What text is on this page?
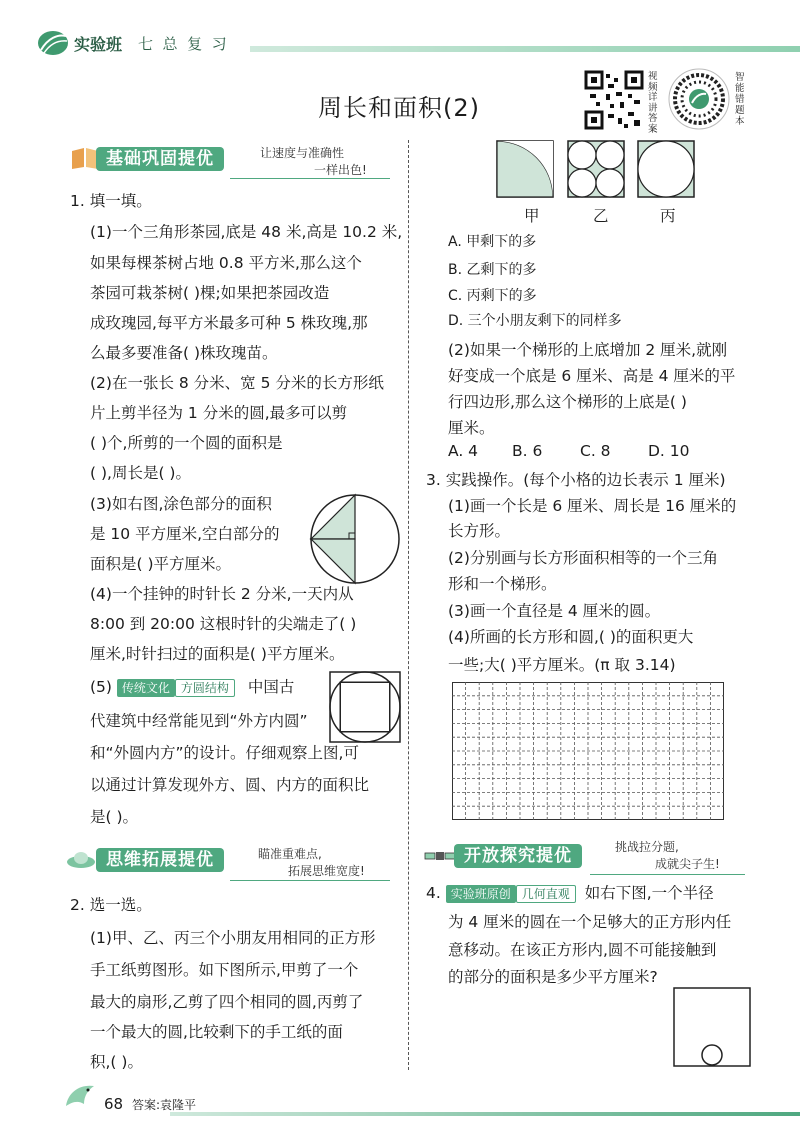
实验班 七  总  复  习
周长和面积(2)
视频详讲答案
智能错题本
基础巩固提优	让速度与准确性
一样出色!
1. 填一填。
(1)一个三角形茶园,底是 48 米,高是 10.2 米,
如果每棵茶树占地 0.8 平方米,那么这个
茶园可栽茶树( )棵;如果把茶园改造
成玫瑰园,每平方米最多可种 5 株玫瑰,那
么最多要准备( )株玫瑰苗。
(2)在一张长 8 分米、宽 5 分米的长方形纸
片上剪半径为 1 分米的圆,最多可以剪
( )个,所剪的一个圆的面积是
( ),周长是( )。
(3)如右图,涂色部分的面积
是 10 平方厘米,空白部分的
面积是( )平方厘米。
(4)一个挂钟的时针长 2 分米,一天内从
8:00 到 20:00 这根时针的尖端走了( )
厘米,时针扫过的面积是( )平方厘米。
(5) 传统文化 方圆结构 中国古
代建筑中经常能见到“外方内圆”
和“外圆内方”的设计。仔细观察上图,可
以通过计算发现外方、圆、内方的面积比
是( )。
思维拓展提优	瞄准重难点,
拓展思维宽度!
2. 选一选。
(1)甲、乙、丙三个小朋友用相同的正方形
手工纸剪图形。如下图所示,甲剪了一个
最大的扇形,乙剪了四个相同的圆,丙剪了
一个最大的圆,比较剩下的手工纸的面
积,( )。
68 答案:袁隆平
甲	乙	丙
A. 甲剩下的多
B. 乙剩下的多
C. 丙剩下的多
D. 三个小朋友剩下的同样多
(2)如果一个梯形的上底增加 2 厘米,就刚
好变成一个底是 6 厘米、高是 4 厘米的平
行四边形,那么这个梯形的上底是( )
厘米。
A. 4 B. 6 C. 8 D. 10
3. 实践操作。(每个小格的边长表示 1 厘米)
(1)画一个长是 6 厘米、周长是 16 厘米的
长方形。
(2)分别画与长方形面积相等的一个三角
形和一个梯形。
(3)画一个直径是 4 厘米的圆。
(4)所画的长方形和圆,( )的面积更大
一些;大( )平方厘米。(π 取 3.14)
开放探究提优	挑战拉分题,
成就尖子生!
4. 实验班原创 几何直观 如右下图,一个半径
为 4 厘米的圆在一个足够大的正方形内任
意移动。在该正方形内,圆不可能接触到
的部分的面积是多少平方厘米?
